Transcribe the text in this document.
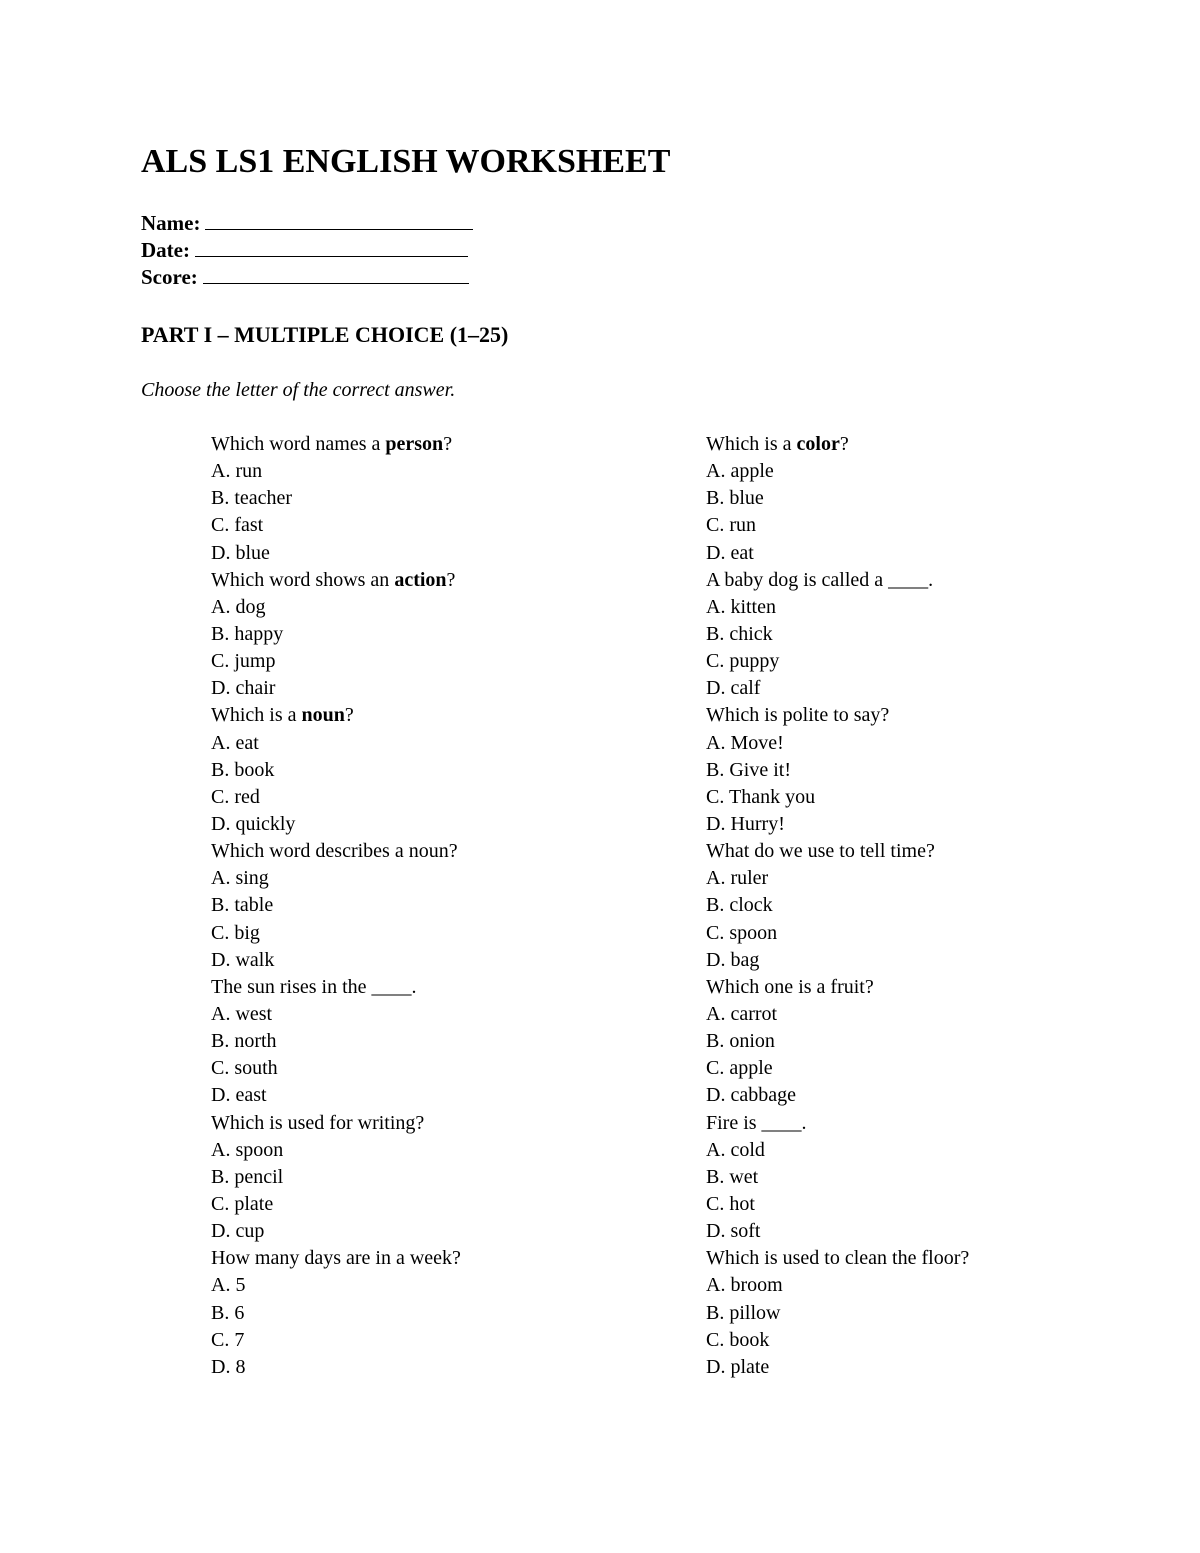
ALS LS1 ENGLISH WORKSHEET
Name:
Date:
Score:
PART I – MULTIPLE CHOICE (1–25)
Choose the letter of the correct answer.
Which word names a person?
A. run
B. teacher
C. fast
D. blue
Which word shows an action?
A. dog
B. happy
C. jump
D. chair
Which is a noun?
A. eat
B. book
C. red
D. quickly
Which word describes a noun?
A. sing
B. table
C. big
D. walk
The sun rises in the ____.
A. west
B. north
C. south
D. east
Which is used for writing?
A. spoon
B. pencil
C. plate
D. cup
How many days are in a week?
A. 5
B. 6
C. 7
D. 8
Which is a color?
A. apple
B. blue
C. run
D. eat
A baby dog is called a ____.
A. kitten
B. chick
C. puppy
D. calf
Which is polite to say?
A. Move!
B. Give it!
C. Thank you
D. Hurry!
What do we use to tell time?
A. ruler
B. clock
C. spoon
D. bag
Which one is a fruit?
A. carrot
B. onion
C. apple
D. cabbage
Fire is ____.
A. cold
B. wet
C. hot
D. soft
Which is used to clean the floor?
A. broom
B. pillow
C. book
D. plate
